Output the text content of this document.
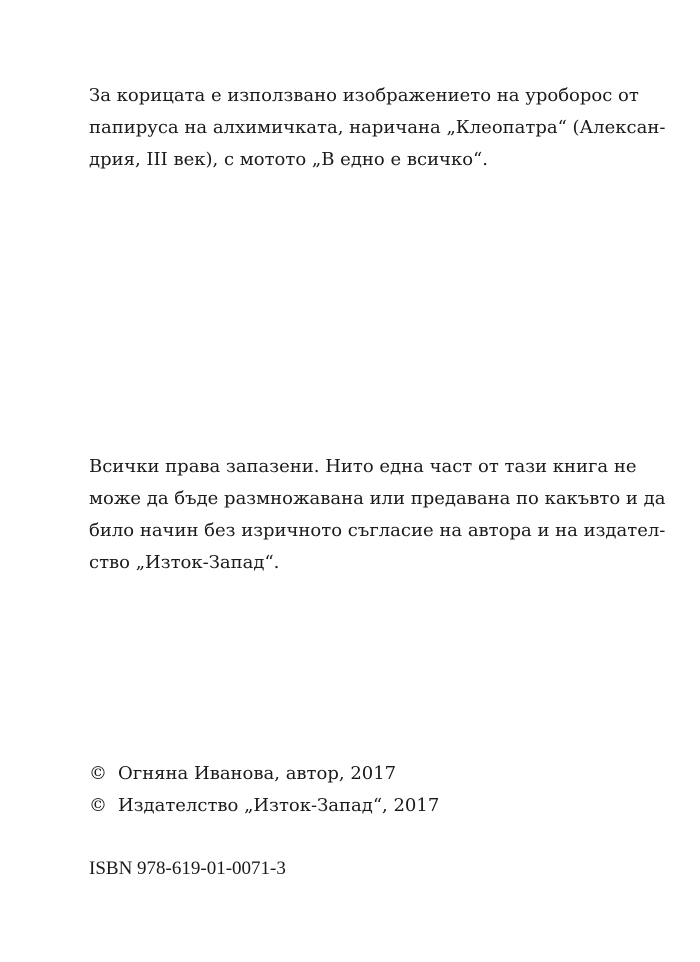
За корицата е използвано изображението на уроборос от
папируса на алхимичката, наричана „Клеопатра“ (Алексан-
дрия, III век), с мотото „В едно е всичко“.
Всички права запазени. Нито една част от тази книга не
може да бъде размножавана или предавана по какъвто и да
било начин без изричното съгласие на автора и на издател-
ство „Изток-Запад“.
© Огняна Иванова, автор, 2017
© Издателство „Изток-Запад“, 2017
ISBN 978-619-01-0071-3
